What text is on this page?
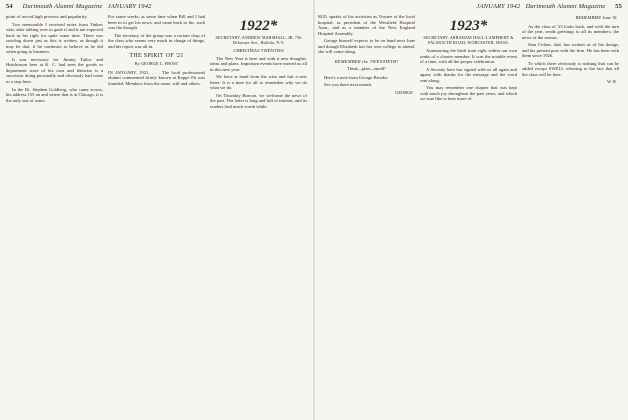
54 Dartmouth Alumni Magazine JANUARY 1942

point of record high prowess and popularity.

Two memorable I received notes from Tinker, who, after talking over to quite if and it not expected back in his right for quite some time. There was swirling down just as this is written, as though it may be that, if he continues to believe as he did when going to business.

It was necessary for Jimmy Tulloc and Hutchinson here at K. C. had seen the goods or department store of his own and likewise is a successor doing personally and obviously had come to a stop here.

In the Dr. Stephen Goldberg, who came across, his address 155 an and where that is at Chicago, it is the only one of some.

For some weeks, at some time when Bill and I had been in to get his news, and came back to his, such was the thought.

The secretary of the group was a certain chap of the class who seems very much in charge of things, and his report was all in.

THE SPIRIT OF '21
By GEORGE L. FROST

IN JANUARY, 1921, . . . The local professional alumni commented firmly known at Keppe Pit was founded. Members from the same, will and others.

1922*
SECRETARY, ANDREW MARSHALL, JR. 736 Delaware Ave., Buffalo, N.Y.
CHRISTMAS TWENTIES

The New Year is here and with it new thoughts, ideas and plans. Important events have moved us all in this new year.

We have at hand from the wise and fair a new letter. It is a time for all to remember why we do what we do.

On Thursday Beacon, we welcome the news of the past. The letter is long and full of interest, and its readers find much worth while.

JANUARY 1942 Dartmouth Alumni Magazine 55

M.D. speaks of his activities as Trustee of the local hospital, as president of the Westfield Hospital Assn., and as a member of the New England Hospital Assembly.

George himself expects to be on hand next June and though Elizabeth has her own college to attend, she will come along.

REMEMBER the TWENTIETH!
Think—plan—enroll!

Here's a note from George Brooks:

See you there next month.

GEORGE
1923*
SECRETARY, ARRAHAM HALL-LAMPHERT & FALMOUTH ROAD, WORCESTER, MASS.

Announcing the birth from right within our own ranks of a charter member. It was the notable event of a time, with all the proper celebration.

A Seventy here has signed with us all again and again; with thanks for the message and the word sent along.

You may remember one chapter that was kept with much joy throughout the past years, and which we sure like to hear more of.

REMEMBER! June '41

As the class of '23 looks back, and with the turn of the year, sends greetings to all its members, the news of the season.

Sam Colton, 2nd, has written us of his doings, and his present post with the firm. He has been with them since 1926.

To which there obviously is nothing that can be added except SWELL referring to the fact that all the class will be here.

W. R.
